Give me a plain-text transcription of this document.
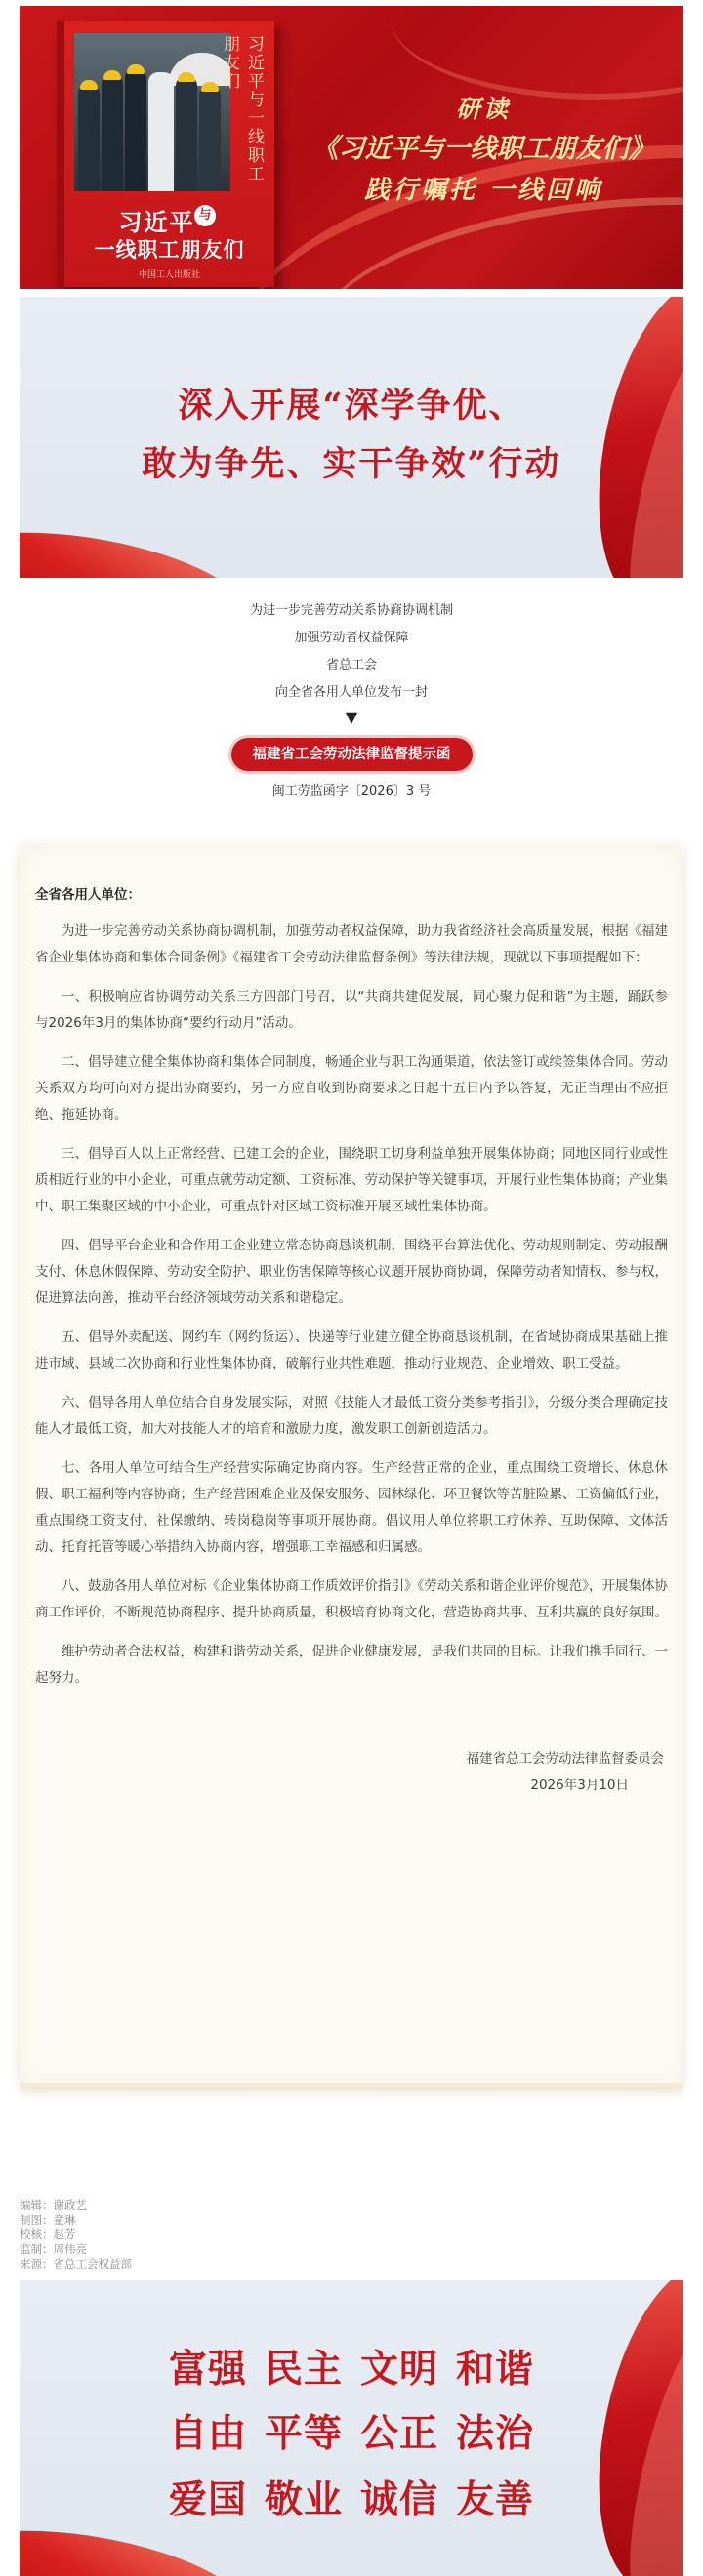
习近平与一线职工朋友们
习近平 与
一线职工朋友们
中国工人出版社
研读
《习近平与一线职工朋友们》
践行嘱托 一线回响
深入开展“深学争优、
敢为争先、实干争效”行动
为进一步完善劳动关系协商协调机制
加强劳动者权益保障
省总工会
向全省各用人单位发布一封
▼
福建省工会劳动法律监督提示函
闽工劳监函字〔2026〕3 号
全省各用人单位：

为进一步完善劳动关系协商协调机制，加强劳动者权益保障，助力我省经济社会高质量发展，根据《福建省企业集体协商和集体合同条例》《福建省工会劳动法律监督条例》等法律法规，现就以下事项提醒如下：

一、积极响应省协调劳动关系三方四部门号召，以“共商共建促发展，同心聚力促和谐”为主题，踊跃参与2026年3月的集体协商“要约行动月”活动。

二、倡导建立健全集体协商和集体合同制度，畅通企业与职工沟通渠道，依法签订或续签集体合同。劳动关系双方均可向对方提出协商要约，另一方应自收到协商要求之日起十五日内予以答复，无正当理由不应拒绝、拖延协商。

三、倡导百人以上正常经营、已建工会的企业，围绕职工切身利益单独开展集体协商；同地区同行业或性质相近行业的中小企业，可重点就劳动定额、工资标准、劳动保护等关键事项，开展行业性集体协商；产业集中、职工集聚区域的中小企业，可重点针对区域工资标准开展区域性集体协商。

四、倡导平台企业和合作用工企业建立常态协商恳谈机制，围绕平台算法优化、劳动规则制定、劳动报酬支付、休息休假保障、劳动安全防护、职业伤害保障等核心议题开展协商协调，保障劳动者知情权、参与权，促进算法向善，推动平台经济领域劳动关系和谐稳定。

五、倡导外卖配送、网约车（网约货运）、快递等行业建立健全协商恳谈机制，在省域协商成果基础上推进市域、县域二次协商和行业性集体协商，破解行业共性难题，推动行业规范、企业增效、职工受益。

六、倡导各用人单位结合自身发展实际，对照《技能人才最低工资分类参考指引》，分级分类合理确定技能人才最低工资，加大对技能人才的培育和激励力度，激发职工创新创造活力。

七、各用人单位可结合生产经营实际确定协商内容。生产经营正常的企业，重点围绕工资增长、休息休假、职工福利等内容协商；生产经营困难企业及保安服务、园林绿化、环卫餐饮等苦脏险累、工资偏低行业，重点围绕工资支付、社保缴纳、转岗稳岗等事项开展协商。倡议用人单位将职工疗休养、互助保障、文体活动、托育托管等暖心举措纳入协商内容，增强职工幸福感和归属感。

八、鼓励各用人单位对标《企业集体协商工作质效评价指引》《劳动关系和谐企业评价规范》，开展集体协商工作评价，不断规范协商程序、提升协商质量，积极培育协商文化，营造协商共事、互利共赢的良好氛围。

维护劳动者合法权益，构建和谐劳动关系，促进企业健康发展，是我们共同的目标。让我们携手同行、一起努力。

福建省总工会劳动法律监督委员会
2026年3月10日
编辑：谢政艺
制图：童琳
校核：赵芳
监制：周伟亮
来源：省总工会权益部
富强 民主 文明 和谐
自由 平等 公正 法治
爱国 敬业 诚信 友善
